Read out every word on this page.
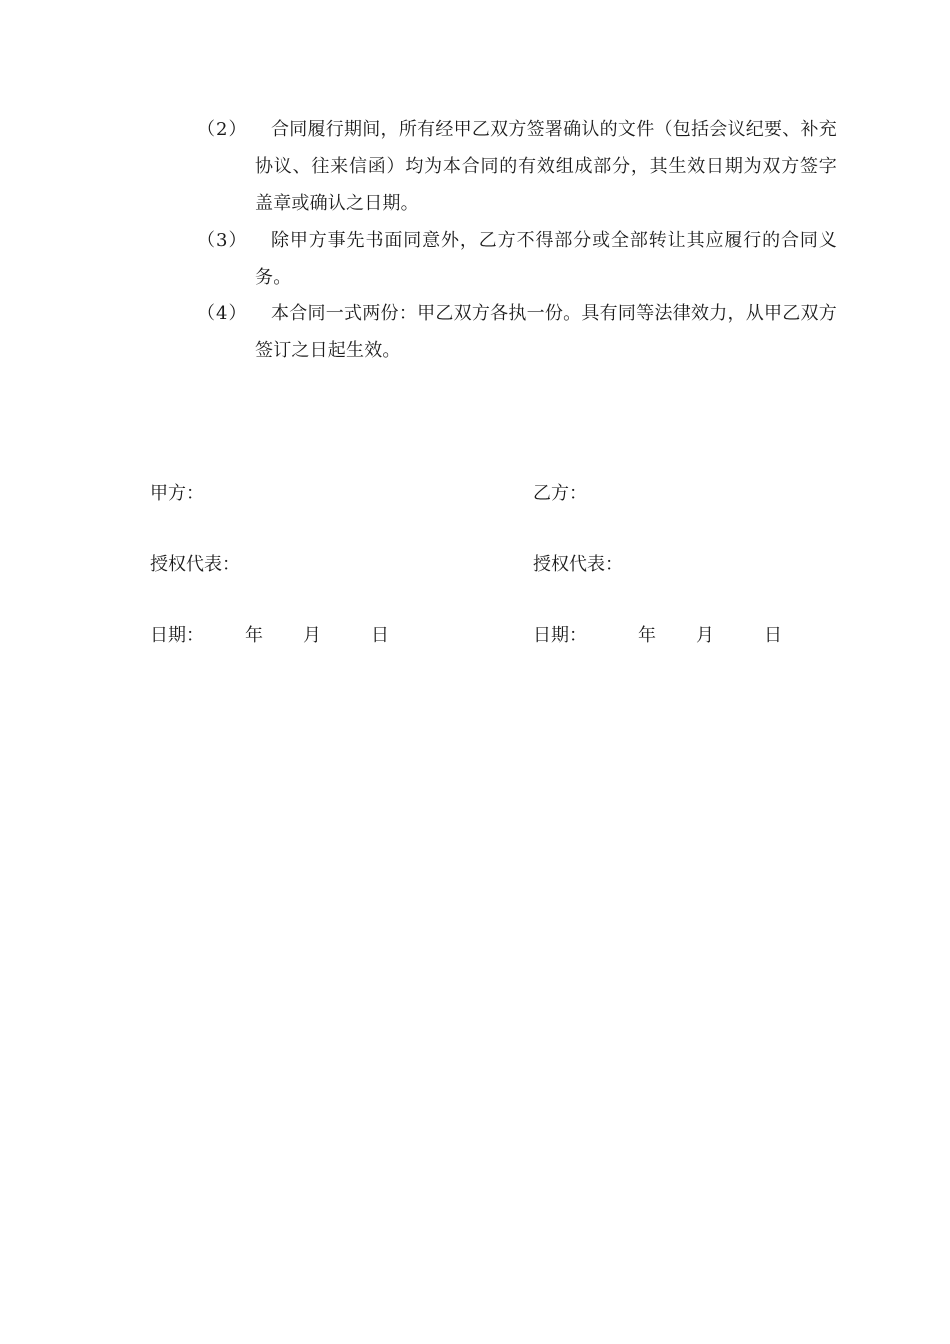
（2）	合同履行期间，所有经甲乙双方签署确认的文件（包括会议纪要、补充协议、往来信函）均为本合同的有效组成部分，其生效日期为双方签字盖章或确认之日期。
（3）	除甲方事先书面同意外，乙方不得部分或全部转让其应履行的合同义务。
（4）	本合同一式两份：甲乙双方各执一份。具有同等法律效力，从甲乙双方签订之日起生效。
甲方：
授权代表：
日期： 年 月	日
乙方：
授权代表：
日期：	年 月	日
